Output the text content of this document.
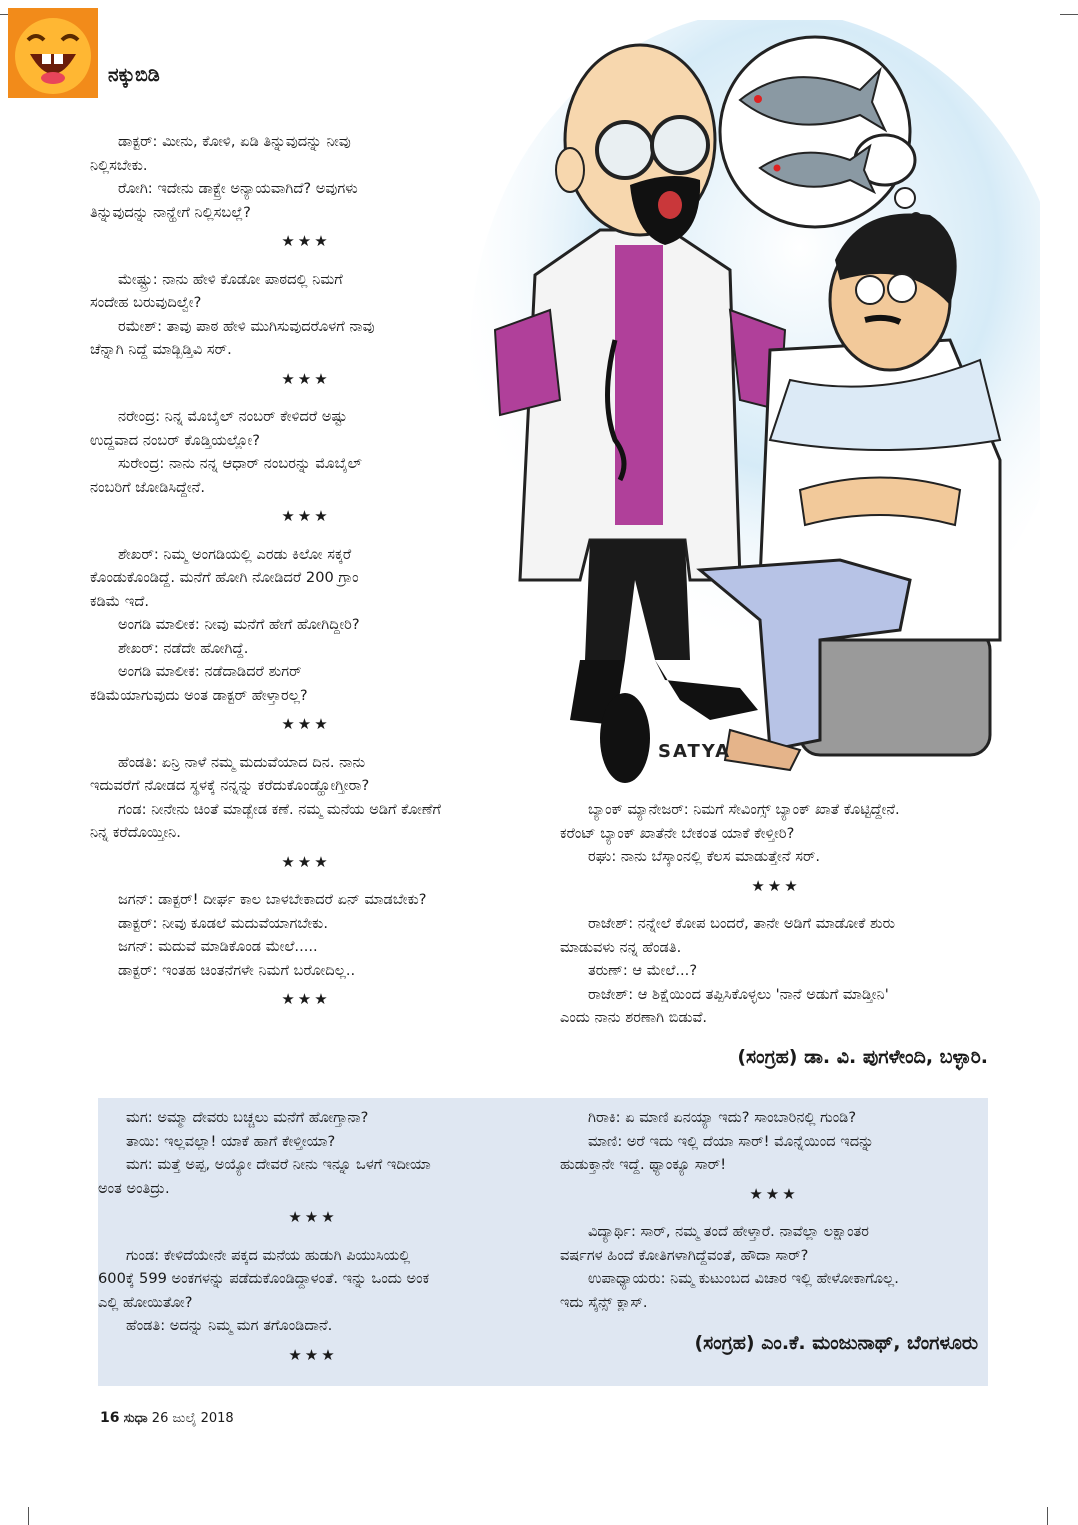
ನಕ್ಕುಬಿಡಿ
SATYA

ಡಾಕ್ಟರ್: ಮೀನು, ಕೋಳಿ, ಏಡಿ ತಿನ್ನುವುದನ್ನು ನೀವು

ನಿಲ್ಲಿಸಬೇಕು.

ರೋಗಿ: ಇದೇನು ಡಾಕ್ಟ್ರೇ ಅನ್ಯಾಯವಾಗಿದೆ? ಅವುಗಳು

ತಿನ್ನುವುದನ್ನು ನಾನ್ಹೇಗೆ ನಿಲ್ಲಿಸಬಲ್ಲೆ?

★★★

ಮೇಷ್ಟ್ರು: ನಾನು ಹೇಳಿ ಕೊಡೋ ಪಾಠದಲ್ಲಿ ನಿಮಗೆ

ಸಂದೇಹ ಬರುವುದಿಲ್ವೇ?

ರಮೇಶ್: ತಾವು ಪಾಠ ಹೇಳಿ ಮುಗಿಸುವುದರೊಳಗೆ ನಾವು

ಚೆನ್ನಾಗಿ ನಿದ್ದೆ ಮಾಡ್ಬಿಡ್ತಿವಿ ಸರ್.

★★★

ನರೇಂದ್ರ: ನಿನ್ನ ಮೊಬೈಲ್ ನಂಬರ್ ಕೇಳಿದರೆ ಅಷ್ಟು

ಉದ್ದವಾದ ನಂಬರ್ ಕೊಡ್ತಿಯಲ್ಲೋ?

ಸುರೇಂದ್ರ: ನಾನು ನನ್ನ ಆಧಾರ್ ನಂಬರನ್ನು ಮೊಬೈಲ್

ನಂಬರಿಗೆ ಜೋಡಿಸಿದ್ದೇನೆ.

★★★

ಶೇಖರ್: ನಿಮ್ಮ ಅಂಗಡಿಯಲ್ಲಿ ಎರಡು ಕಿಲೋ ಸಕ್ಕರೆ

ಕೊಂಡುಕೊಂಡಿದ್ದೆ. ಮನೆಗೆ ಹೋಗಿ ನೋಡಿದರೆ 200 ಗ್ರಾಂ

ಕಡಿಮೆ ಇದೆ.

ಅಂಗಡಿ ಮಾಲೀಕ: ನೀವು ಮನೆಗೆ ಹೇಗೆ ಹೋಗಿದ್ದೀರಿ?

ಶೇಖರ್: ನಡೆದೇ ಹೋಗಿದ್ದೆ.

ಅಂಗಡಿ ಮಾಲೀಕ: ನಡೆದಾಡಿದರೆ ಶುಗರ್

ಕಡಿಮೆಯಾಗುವುದು ಅಂತ ಡಾಕ್ಟರ್ ಹೇಳ್ತಾರಲ್ಲ?

★★★

ಹೆಂಡತಿ: ಏನ್ರಿ ನಾಳೆ ನಮ್ಮ ಮದುವೆಯಾದ ದಿನ. ನಾನು

ಇದುವರೆಗೆ ನೋಡದ ಸ್ಥಳಕ್ಕೆ ನನ್ನನ್ನು ಕರೆದುಕೊಂಡ್ಹೋಗ್ತೀರಾ?

ಗಂಡ: ನೀನೇನು ಚಿಂತೆ ಮಾಡ್ಬೇಡ ಕಣೆ. ನಮ್ಮ ಮನೆಯ ಅಡಿಗೆ ಕೋಣೆಗೆ

ನಿನ್ನ ಕರೆದೊಯ್ತೀನಿ.

★★★

ಜಗನ್: ಡಾಕ್ಟರ್! ದೀರ್ಘ ಕಾಲ ಬಾಳಬೇಕಾದರೆ ಏನ್ ಮಾಡಬೇಕು?

ಡಾಕ್ಟರ್: ನೀವು ಕೂಡಲೆ ಮದುವೆಯಾಗಬೇಕು.

ಜಗನ್: ಮದುವೆ ಮಾಡಿಕೊಂಡ ಮೇಲೆ.....

ಡಾಕ್ಟರ್: ಇಂತಹ ಚಿಂತನೆಗಳೇ ನಿಮಗೆ ಬರೋದಿಲ್ಲ..

★★★

ಬ್ಯಾಂಕ್ ಮ್ಯಾನೇಜರ್: ನಿಮಗೆ ಸೇವಿಂಗ್ಸ್ ಬ್ಯಾಂಕ್ ಖಾತೆ ಕೊಟ್ಟಿದ್ದೇನೆ.

ಕರೆಂಟ್ ಬ್ಯಾಂಕ್ ಖಾತೆನೇ ಬೇಕಂತ ಯಾಕೆ ಕೇಳ್ತೀರಿ?

ರಘು: ನಾನು ಬೆಸ್ಕಾಂನಲ್ಲಿ ಕೆಲಸ ಮಾಡುತ್ತೇನೆ ಸರ್.

★★★

ರಾಜೇಶ್: ನನ್ನೇಲೆ ಕೋಪ ಬಂದರೆ, ತಾನೇ ಅಡಿಗೆ ಮಾಡೋಕೆ ಶುರು

ಮಾಡುವಳು ನನ್ನ ಹೆಂಡತಿ.

ತರುಣ್: ಆ ಮೇಲೆ...?

ರಾಜೇಶ್: ಆ ಶಿಕ್ಷೆಯಿಂದ ತಪ್ಪಿಸಿಕೊಳ್ಳಲು 'ನಾನೆ ಅಡುಗೆ ಮಾಡ್ತೀನಿ'

ಎಂದು ನಾನು ಶರಣಾಗಿ ಬಿಡುವೆ.

(ಸಂಗ್ರಹ) ಡಾ. ವಿ. ಪುಗಳೇಂದಿ, ಬಳ್ಳಾರಿ.

ಮಗ: ಅಮ್ಮಾ ದೇವರು ಬಚ್ಚಲು ಮನೆಗೆ ಹೋಗ್ತಾನಾ?

ತಾಯಿ: ಇಲ್ಲವಲ್ಲಾ! ಯಾಕೆ ಹಾಗೆ ಕೇಳ್ತೀಯಾ?

ಮಗ: ಮತ್ತೆ ಅಪ್ಪ, ಅಯ್ಯೋ ದೇವರೆ ನೀನು ಇನ್ನೂ ಒಳಗೆ ಇದೀಯಾ

ಅಂತ ಅಂತಿದ್ರು.

★★★

ಗುಂಡ: ಕೇಳಿದೆಯೇನೇ ಪಕ್ಕದ ಮನೆಯ ಹುಡುಗಿ ಪಿಯುಸಿಯಲ್ಲಿ

600ಕ್ಕೆ 599 ಅಂಕಗಳನ್ನು ಪಡೆದುಕೊಂಡಿದ್ದಾಳಂತೆ. ಇನ್ನು ಒಂದು ಅಂಕ

ಎಲ್ಲಿ ಹೋಯಿತೋ?

ಹೆಂಡತಿ: ಅದನ್ನು ನಿಮ್ಮ ಮಗ ತಗೊಂಡಿದಾನೆ.

★★★

ಗಿರಾಕಿ: ಏ ಮಾಣಿ ಏನಯ್ಯಾ ಇದು? ಸಾಂಬಾರಿನಲ್ಲಿ ಗುಂಡಿ?

ಮಾಣಿ: ಅರೆ ಇದು ಇಲ್ಲಿ ದೆಯಾ ಸಾರ್! ಮೊನ್ನೆಯಿಂದ ಇದನ್ನು

ಹುಡುಕ್ತಾನೇ ಇದ್ದೆ. ಥ್ಯಾಂಕ್ಯೂ ಸಾರ್!

★★★

ವಿದ್ಯಾರ್ಥಿ: ಸಾರ್, ನಮ್ಮ ತಂದೆ ಹೇಳ್ತಾರೆ. ನಾವೆಲ್ಲಾ ಲಕ್ಷಾಂತರ

ವರ್ಷಗಳ ಹಿಂದೆ ಕೋತಿಗಳಾಗಿದ್ದೆವಂತೆ, ಹೌದಾ ಸಾರ್?

ಉಪಾಧ್ಯಾಯರು: ನಿಮ್ಮ ಕುಟುಂಬದ ವಿಚಾರ ಇಲ್ಲಿ ಹೇಳೋಕಾಗೊಲ್ಲ.

ಇದು ಸೈನ್ಸ್ ಕ್ಲಾಸ್.

(ಸಂಗ್ರಹ) ಎಂ.ಕೆ. ಮಂಜುನಾಥ್, ಬೆಂಗಳೂರು
16 ಸುಧಾ 26 ಜುಲೈ 2018
